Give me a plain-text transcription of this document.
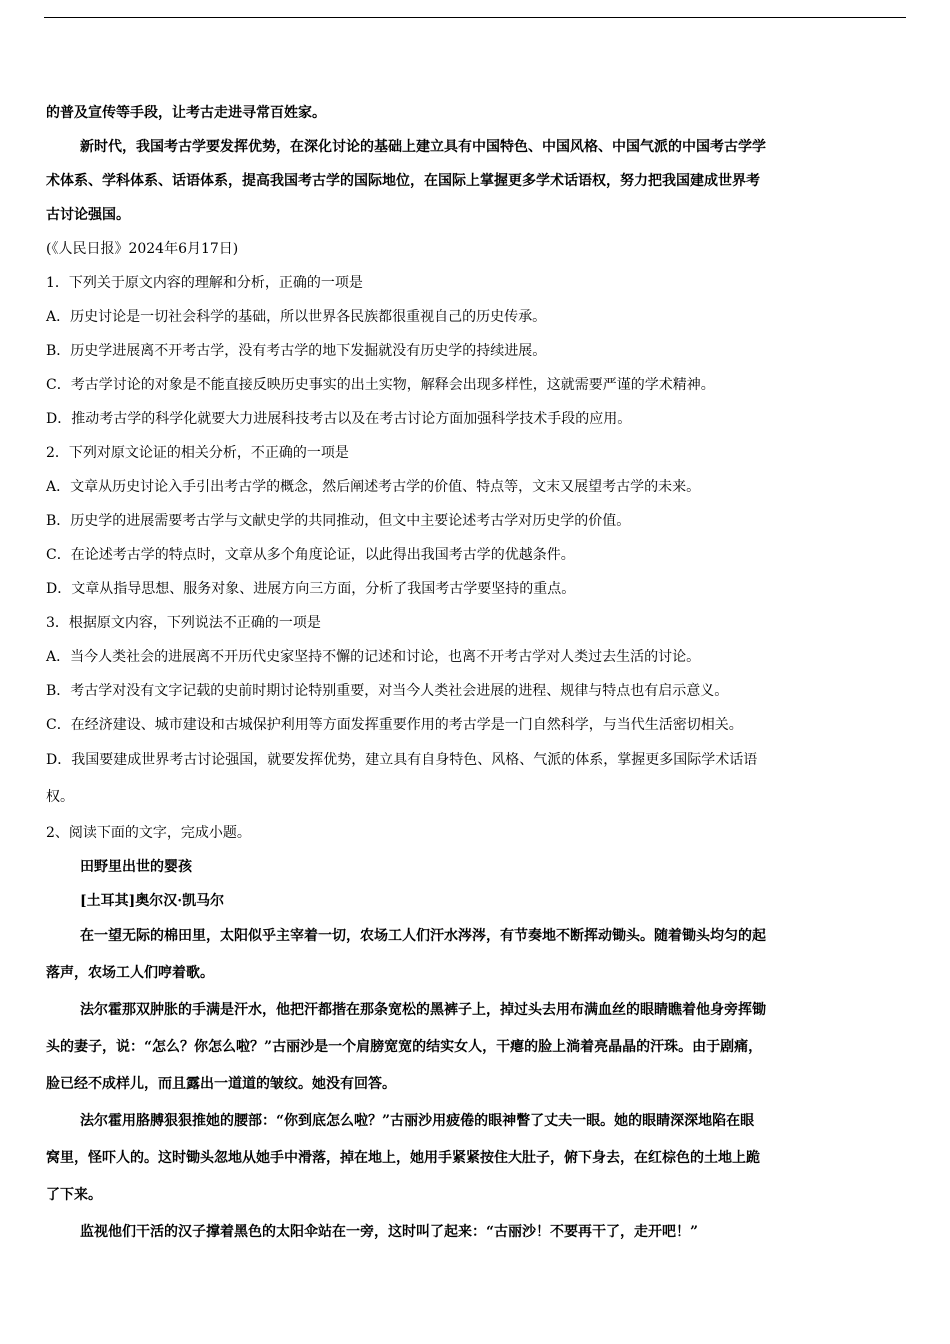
的普及宣传等手段，让考古走进寻常百姓家。

新时代，我国考古学要发挥优势，在深化讨论的基础上建立具有中国特色、中国风格、中国气派的中国考古学学

术体系、学科体系、话语体系，提高我国考古学的国际地位，在国际上掌握更多学术话语权，努力把我国建成世界考

古讨论强国。

(《人民日报》2024年6月17日)

1．下列关于原文内容的理解和分析，正确的一项是

A．历史讨论是一切社会科学的基础，所以世界各民族都很重视自己的历史传承。

B．历史学进展离不开考古学，没有考古学的地下发掘就没有历史学的持续进展。

C．考古学讨论的对象是不能直接反映历史事实的出土实物，解释会出现多样性，这就需要严谨的学术精神。

D．推动考古学的科学化就要大力进展科技考古以及在考古讨论方面加强科学技术手段的应用。

2．下列对原文论证的相关分析，不正确的一项是

A．文章从历史讨论入手引出考古学的概念，然后阐述考古学的价值、特点等，文末又展望考古学的未来。

B．历史学的进展需要考古学与文献史学的共同推动，但文中主要论述考古学对历史学的价值。

C．在论述考古学的特点时，文章从多个角度论证，以此得出我国考古学的优越条件。

D．文章从指导思想、服务对象、进展方向三方面，分析了我国考古学要坚持的重点。

3．根据原文内容，下列说法不正确的一项是

A．当今人类社会的进展离不开历代史家坚持不懈的记述和讨论，也离不开考古学对人类过去生活的讨论。

B．考古学对没有文字记载的史前时期讨论特别重要，对当今人类社会进展的进程、规律与特点也有启示意义。

C．在经济建设、城市建设和古城保护利用等方面发挥重要作用的考古学是一门自然科学，与当代生活密切相关。

D．我国要建成世界考古讨论强国，就要发挥优势，建立具有自身特色、风格、气派的体系，掌握更多国际学术话语

权。

2、阅读下面的文字，完成小题。

田野里出世的婴孩

[土耳其]奥尔汉·凯马尔

在一望无际的棉田里，太阳似乎主宰着一切，农场工人们汗水涔涔，有节奏地不断挥动锄头。随着锄头均匀的起

落声，农场工人们哼着歌。

法尔霍那双肿胀的手满是汗水，他把汗都揩在那条宽松的黑裤子上，掉过头去用布满血丝的眼睛瞧着他身旁挥锄

头的妻子，说：“怎么？你怎么啦？”古丽沙是一个肩膀宽宽的结实女人，干瘪的脸上淌着亮晶晶的汗珠。由于剧痛，

脸已经不成样儿，而且露出一道道的皱纹。她没有回答。

法尔霍用胳膊狠狠推她的腰部：“你到底怎么啦？”古丽沙用疲倦的眼神瞥了丈夫一眼。她的眼睛深深地陷在眼

窝里，怪吓人的。这时锄头忽地从她手中滑落，掉在地上，她用手紧紧按住大肚子，俯下身去，在红棕色的土地上跪

了下来。

监视他们干活的汉子撑着黑色的太阳伞站在一旁，这时叫了起来：“古丽沙！不要再干了，走开吧！”
